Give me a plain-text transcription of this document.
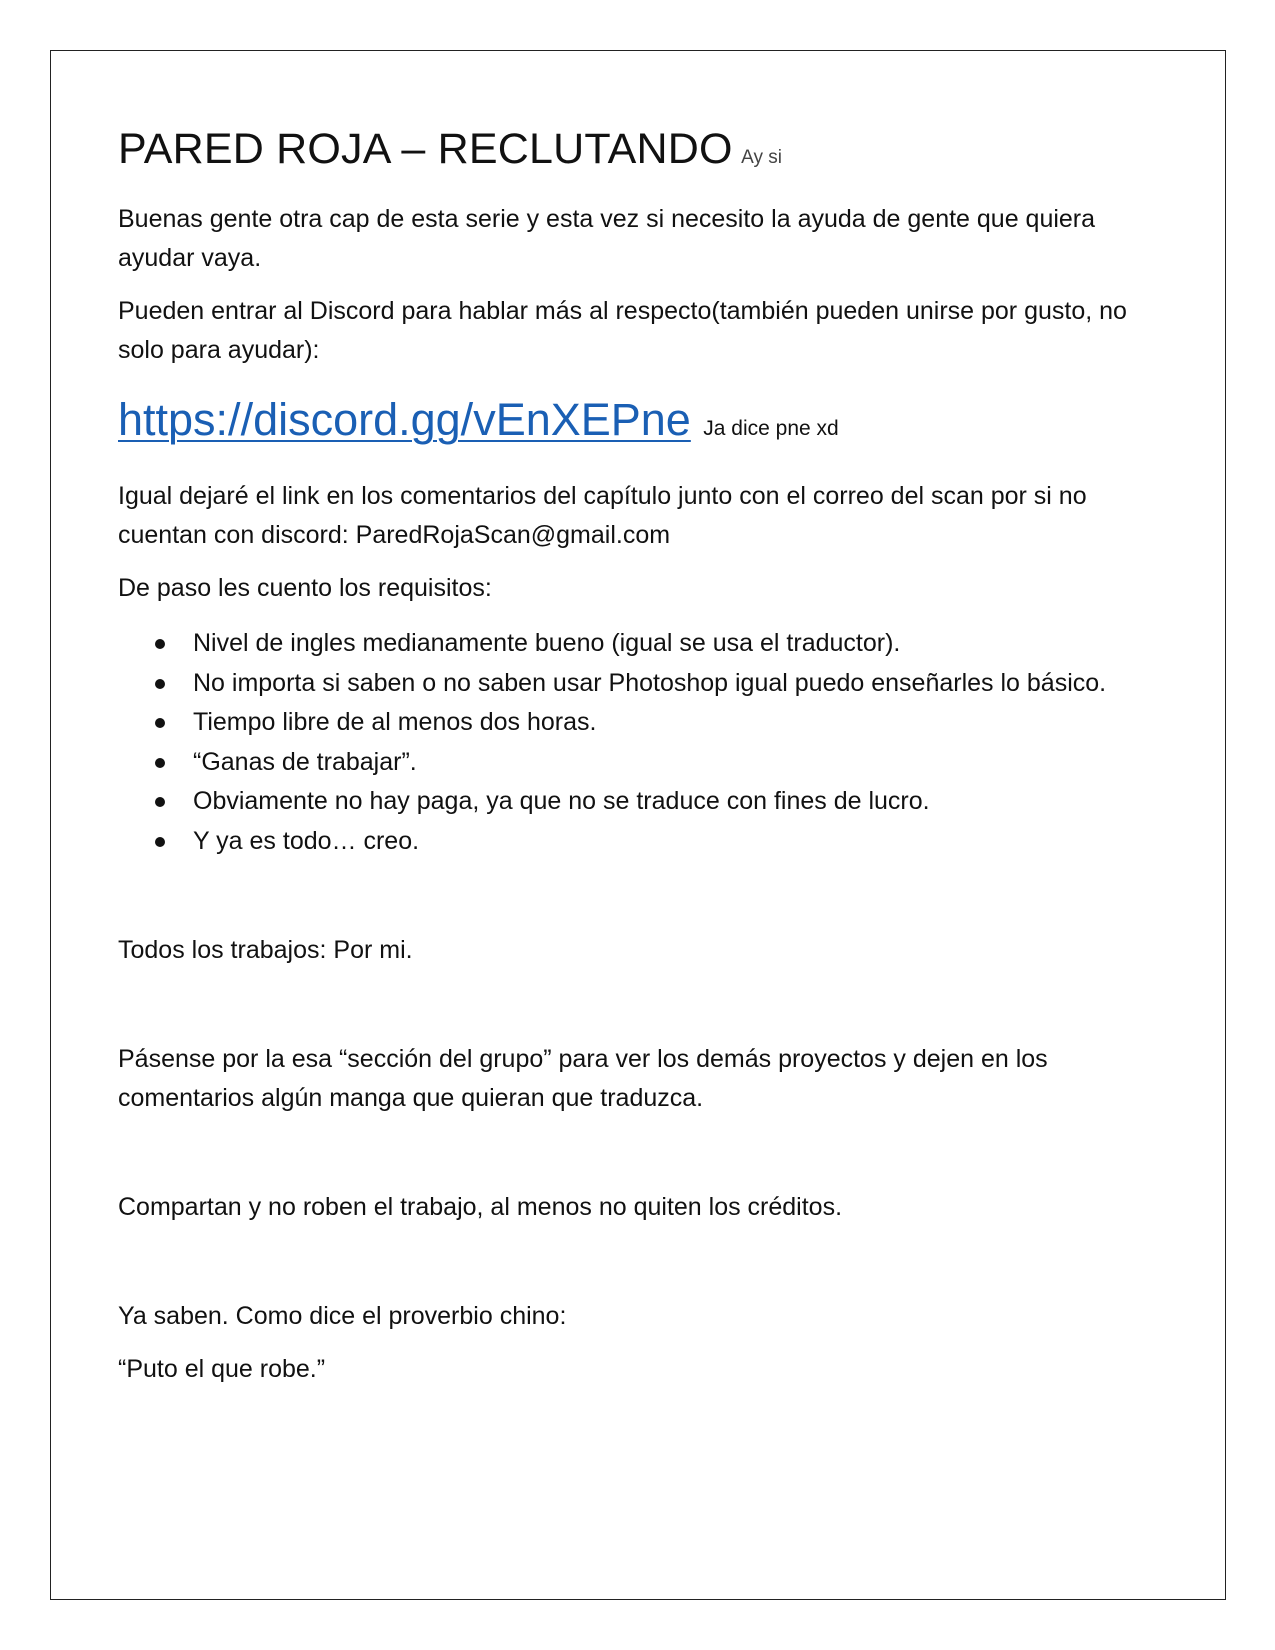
PARED ROJA – RECLUTANDO Ay si

Buenas gente otra cap de esta serie y esta vez si necesito la ayuda de gente que quiera ayudar vaya.

Pueden entrar al Discord para hablar más al respecto(también pueden unirse por gusto, no solo para ayudar):

https://discord.gg/vEnXEPne Ja dice pne xd

Igual dejaré el link en los comentarios del capítulo junto con el correo del scan por si no cuentan con discord: ParedRojaScan@gmail.com

De paso les cuento los requisitos:

Nivel de ingles medianamente bueno (igual se usa el traductor).
No importa si saben o no saben usar Photoshop igual puedo enseñarles lo básico.
Tiempo libre de al menos dos horas.
“Ganas de trabajar”.
Obviamente no hay paga, ya que no se traduce con fines de lucro.
Y ya es todo… creo.

Todos los trabajos: Por mi.

Pásense por la esa “sección del grupo” para ver los demás proyectos y dejen en los comentarios algún manga que quieran que traduzca.

Compartan y no roben el trabajo, al menos no quiten los créditos.

Ya saben. Como dice el proverbio chino:

“Puto el que robe.”
